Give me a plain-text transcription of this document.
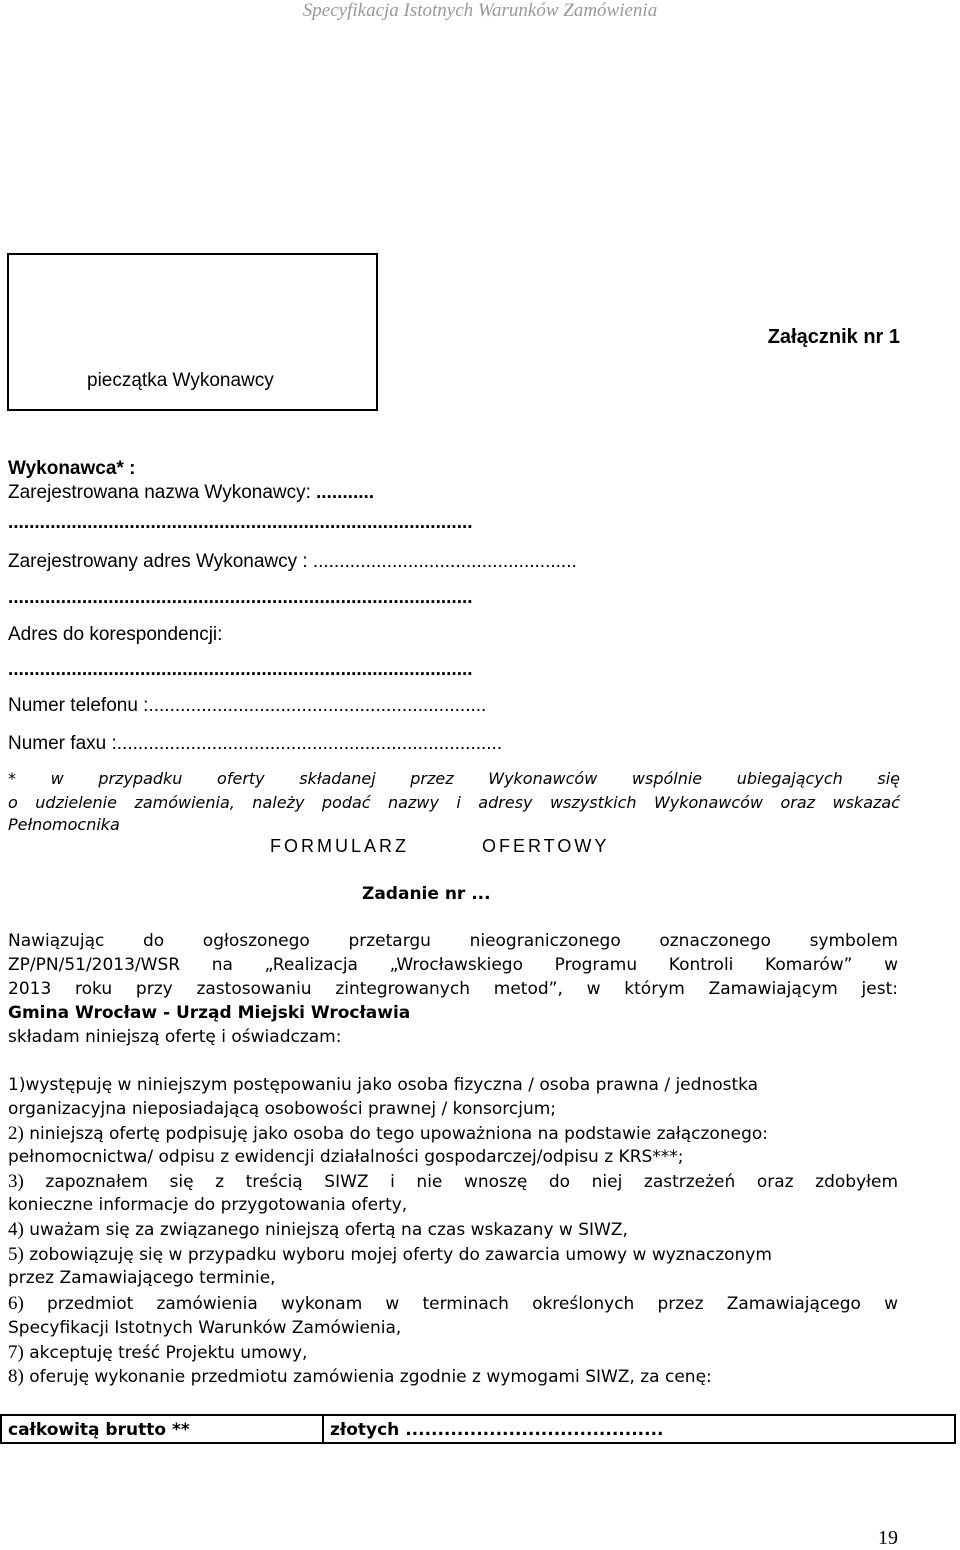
Specyfikacja Istotnych Warunków Zamówienia
pieczątka Wykonawcy
Załącznik nr 1
Wykonawca* :
Zarejestrowana nazwa Wykonawcy: ...........
........................................................................................
Zarejestrowany adres Wykonawcy : ..................................................
........................................................................................
Adres do korespondencji:
........................................................................................
Numer telefonu :................................................................
Numer faxu :.........................................................................
* w przypadku oferty składanej przez Wykonawców wspólnie ubiegających się
o udzielenie zamówienia, należy podać nazwy i adresy wszystkich Wykonawców oraz wskazać
Pełnomocnika
FORMULARZ	OFERTOWY
Zadanie nr ...
Nawiązując do ogłoszonego przetargu nieograniczonego oznaczonego symbolem
ZP/PN/51/2013/WSR na „Realizacja „Wrocławskiego Programu Kontroli Komarów” w
2013 roku przy zastosowaniu zintegrowanych metod”, w którym Zamawiającym jest:
Gmina Wrocław - Urząd Miejski Wrocławia
składam niniejszą ofertę i oświadczam:
1)występuję w niniejszym postępowaniu jako osoba fizyczna / osoba prawna / jednostka
organizacyjna nieposiadającą osobowości prawnej / konsorcjum;
2) niniejszą ofertę podpisuję jako osoba do tego upoważniona na podstawie załączonego:
pełnomocnictwa/ odpisu z ewidencji działalności gospodarczej/odpisu z KRS***;
3) zapoznałem się z treścią SIWZ i nie wnoszę do niej zastrzeżeń oraz zdobyłem
konieczne informacje do przygotowania oferty,
4) uważam się za związanego niniejszą ofertą na czas wskazany w SIWZ,
5) zobowiązuję się w przypadku wyboru mojej oferty do zawarcia umowy w wyznaczonym
przez Zamawiającego terminie,
6) przedmiot zamówienia wykonam w terminach określonych przez Zamawiającego w
Specyfikacji Istotnych Warunków Zamówienia,
7) akceptuję treść Projektu umowy,
8) oferuję wykonanie przedmiotu zamówienia zgodnie z wymogami SIWZ, za cenę:
całkowitą brutto **	złotych ........................................
19
